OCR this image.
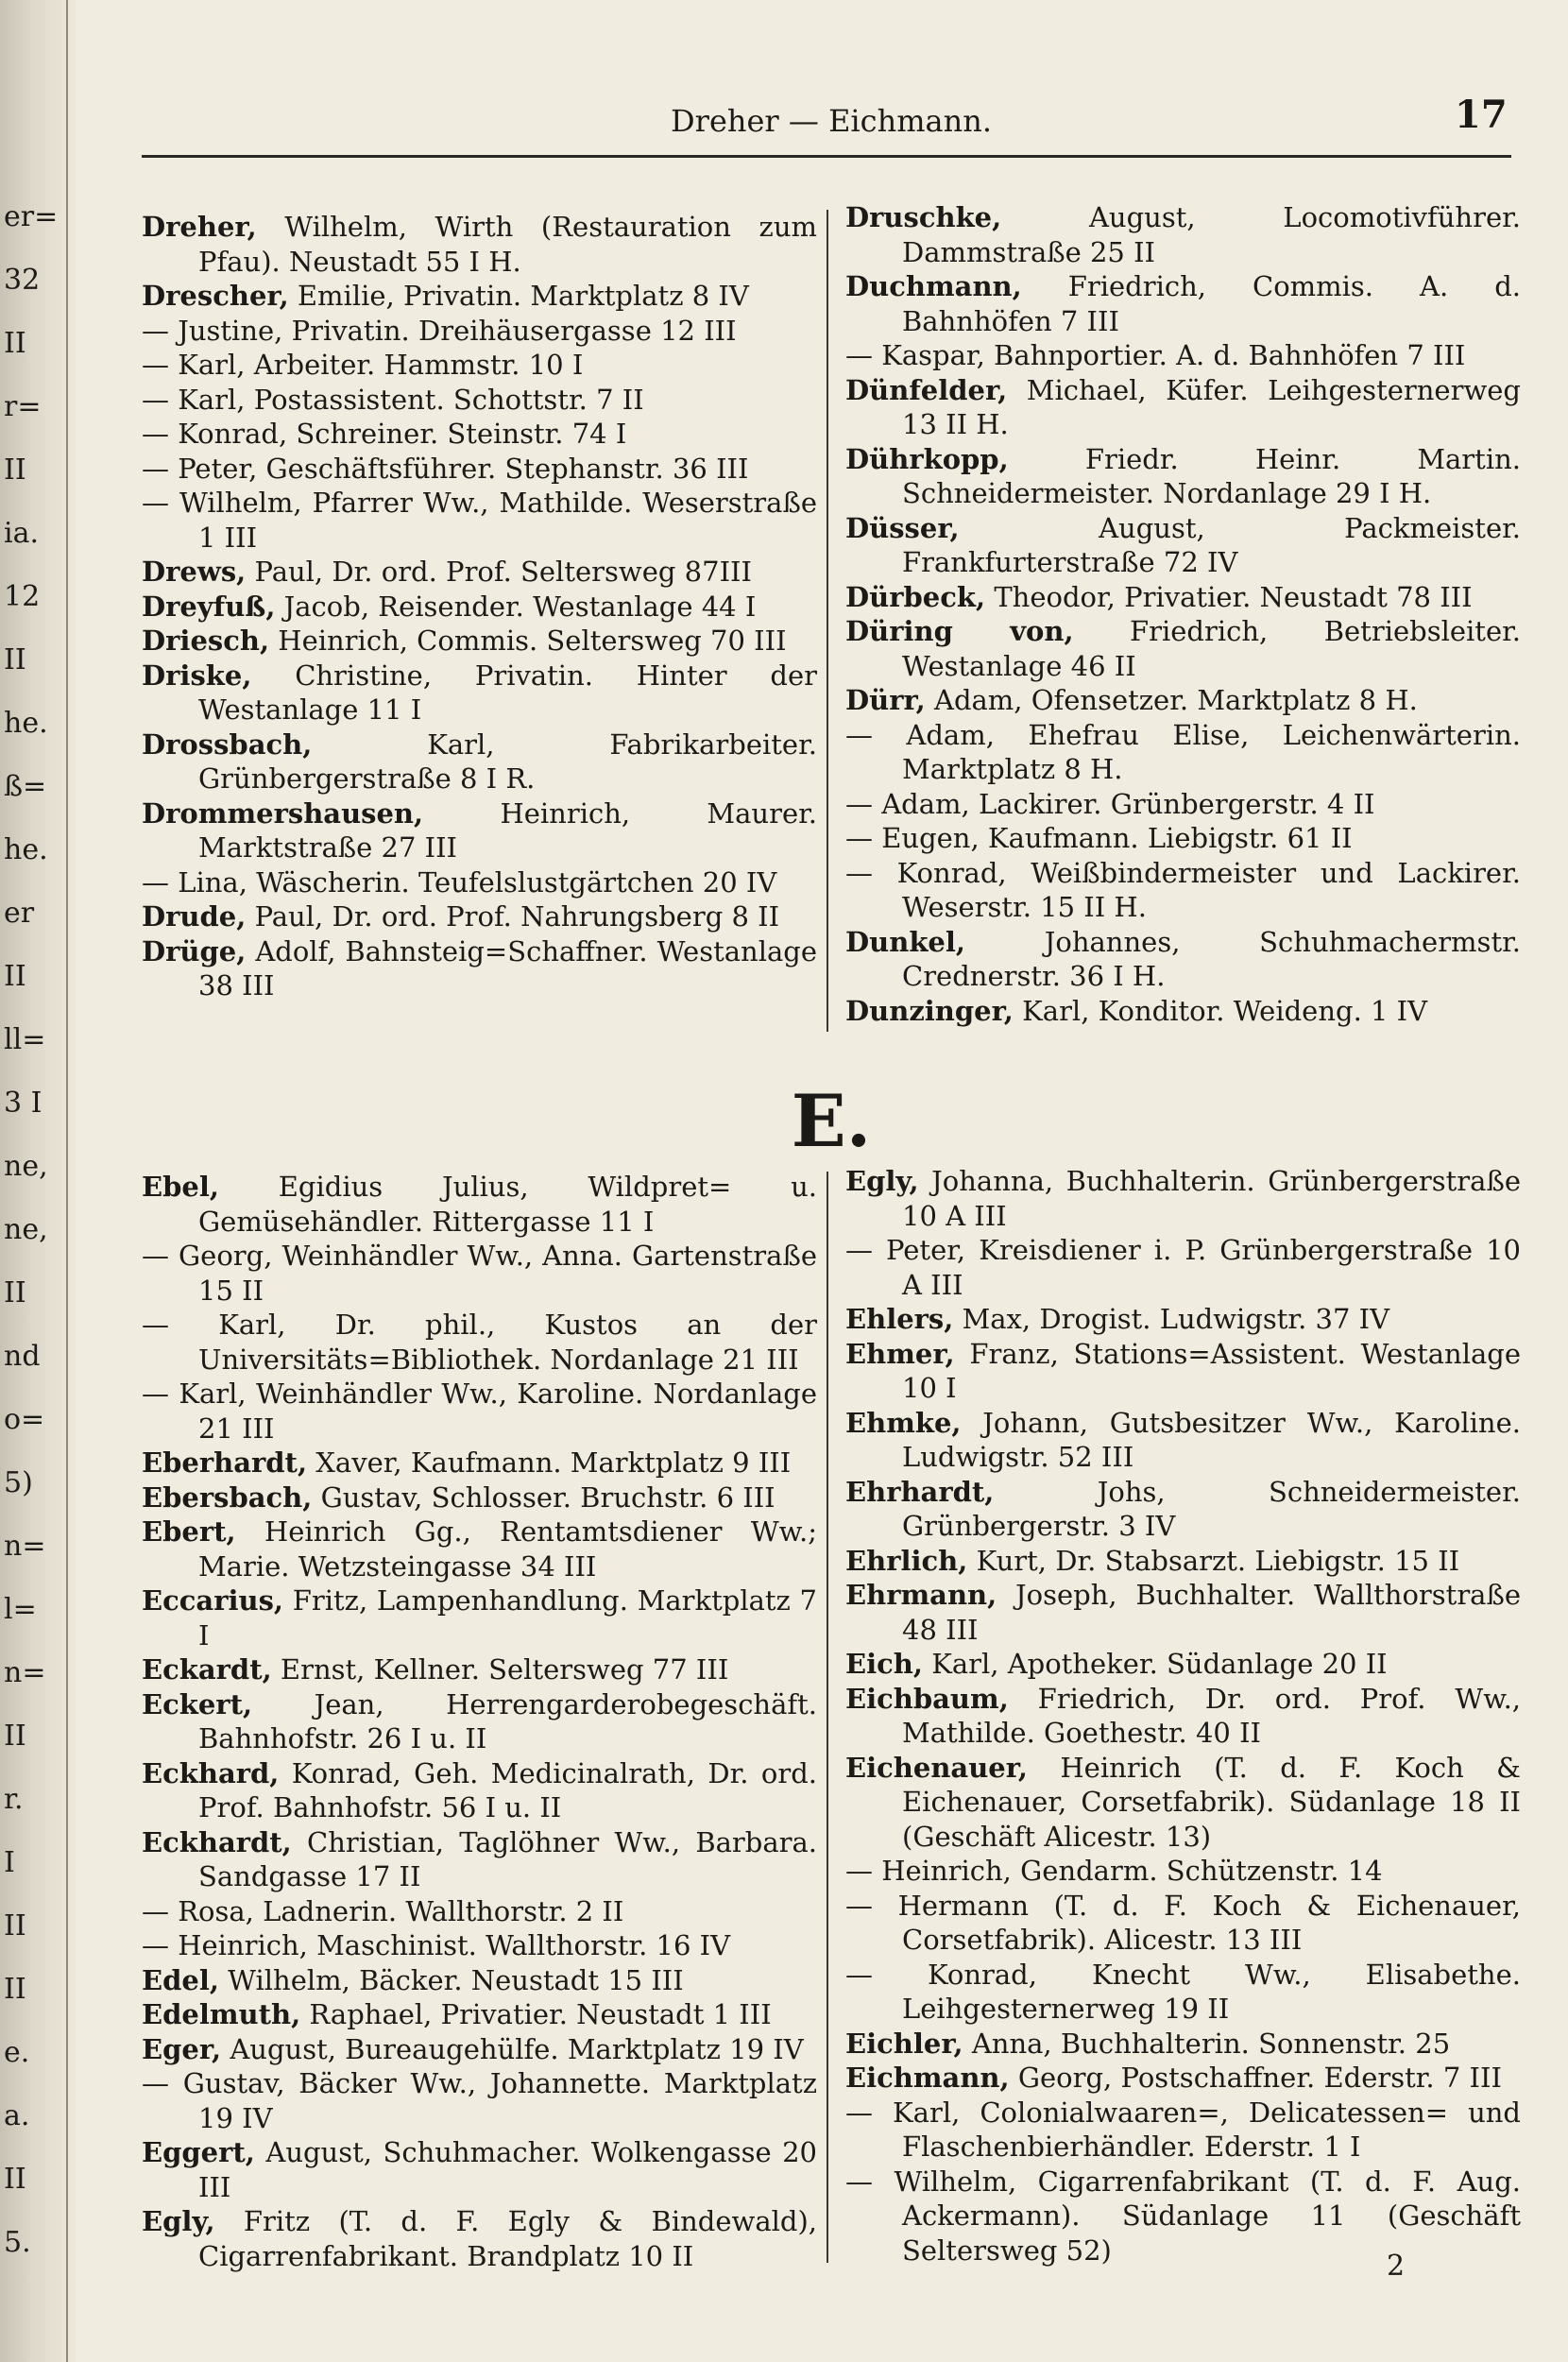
er=
32
II
r=
II
ia.
12
II
he.
ß=
he.
er
II
ll=
3 I
ne,
ne,
II
nd
o=
5)
n=
l=
n=
II
r.
I
II
II
e.
a.
II
5.
Dreher — Eichmann.	17
Dreher, Wilhelm, Wirth (Restauration zum Pfau). Neustadt 55 I H.
Drescher, Emilie, Privatin. Marktplatz 8 IV
— Justine, Privatin. Dreihäusergasse 12 III
— Karl, Arbeiter. Hammstr. 10 I
— Karl, Postassistent. Schottstr. 7 II
— Konrad, Schreiner. Steinstr. 74 I
— Peter, Geschäftsführer. Stephanstr. 36 III
— Wilhelm, Pfarrer Ww., Mathilde. Weserstraße 1 III
Drews, Paul, Dr. ord. Prof. Seltersweg 87III
Dreyfuß, Jacob, Reisender. Westanlage 44 I
Driesch, Heinrich, Commis. Seltersweg 70 III
Driske, Christine, Privatin. Hinter der Westanlage 11 I
Drossbach,	Karl, Fabrikarbeiter. Grünbergerstraße 8 I R.
Drommershausen,	Heinrich, Maurer. Marktstraße 27 III
— Lina, Wäscherin. Teufelslustgärtchen 20 IV
Drude, Paul, Dr. ord. Prof. Nahrungsberg 8 II
Drüge, Adolf, Bahnsteig=Schaffner. Westanlage 38 III
Druschke,	August, Locomotivführer. Dammstraße 25 II
Duchmann, Friedrich, Commis. A. d. Bahnhöfen 7 III
— Kaspar, Bahnportier. A. d. Bahnhöfen 7 III
Dünfelder, Michael, Küfer. Leihgesternerweg 13 II H.
Dührkopp,	Friedr. Heinr. Martin. Schneidermeister. Nordanlage 29 I H.
Düsser,	August, Packmeister. Frankfurterstraße 72 IV
Dürbeck, Theodor, Privatier. Neustadt 78 III
Düring von, Friedrich, Betriebsleiter. Westanlage 46 II
Dürr, Adam, Ofensetzer. Marktplatz 8 H.
— Adam, Ehefrau Elise, Leichenwärterin. Marktplatz 8 H.
— Adam, Lackirer. Grünbergerstr. 4 II
— Eugen, Kaufmann. Liebigstr. 61 II
— Konrad, Weißbindermeister und Lackirer. Weserstr. 15 II H.
Dunkel,	Johannes, Schuhmachermstr. Crednerstr. 36 I H.
Dunzinger, Karl, Konditor. Weideng. 1 IV
E.
Ebel, Egidius Julius, Wildpret= u. Gemüsehändler. Rittergasse 11 I
— Georg, Weinhändler Ww., Anna. Gartenstraße 15 II
— Karl, Dr. phil., Kustos an der Universitäts=Bibliothek. Nordanlage 21 III
— Karl, Weinhändler Ww., Karoline. Nordanlage 21 III
Eberhardt, Xaver, Kaufmann. Marktplatz 9 III
Ebersbach, Gustav, Schlosser. Bruchstr. 6 III
Ebert, Heinrich Gg., Rentamtsdiener Ww.; Marie. Wetzsteingasse 34 III
Eccarius, Fritz, Lampenhandlung. Marktplatz 7 I
Eckardt, Ernst, Kellner. Seltersweg 77 III
Eckert, Jean, Herrengarderobegeschäft. Bahnhofstr. 26 I u. II
Eckhard, Konrad, Geh. Medicinalrath, Dr. ord. Prof. Bahnhofstr. 56 I u. II
Eckhardt, Christian, Taglöhner Ww., Barbara. Sandgasse 17 II
— Rosa, Ladnerin. Wallthorstr. 2 II
— Heinrich, Maschinist. Wallthorstr. 16 IV
Edel, Wilhelm, Bäcker. Neustadt 15 III
Edelmuth, Raphael, Privatier. Neustadt 1 III
Eger, August, Bureaugehülfe. Marktplatz 19 IV
— Gustav, Bäcker Ww., Johannette. Marktplatz 19 IV
Eggert, August, Schuhmacher. Wolkengasse 20 III
Egly, Fritz (T. d. F. Egly & Bindewald), Cigarrenfabrikant. Brandplatz 10 II
Egly, Johanna, Buchhalterin. Grünbergerstraße 10 A III
— Peter, Kreisdiener i. P. Grünbergerstraße 10 A III
Ehlers, Max, Drogist. Ludwigstr. 37 IV
Ehmer, Franz, Stations=Assistent. Westanlage 10 I
Ehmke, Johann, Gutsbesitzer Ww., Karoline. Ludwigstr. 52 III
Ehrhardt,	Johs, Schneidermeister. Grünbergerstr. 3 IV
Ehrlich, Kurt, Dr. Stabsarzt. Liebigstr. 15 II
Ehrmann, Joseph, Buchhalter. Wallthorstraße 48 III
Eich, Karl, Apotheker. Südanlage 20 II
Eichbaum, Friedrich, Dr. ord. Prof. Ww., Mathilde. Goethestr. 40 II
Eichenauer, Heinrich (T. d. F. Koch & Eichenauer, Corsetfabrik). Südanlage 18 II (Geschäft Alicestr. 13)
— Heinrich, Gendarm. Schützenstr. 14
— Hermann (T. d. F. Koch & Eichenauer, Corsetfabrik). Alicestr. 13 III
— Konrad, Knecht Ww., Elisabethe. Leihgesternerweg 19 II
Eichler, Anna, Buchhalterin. Sonnenstr. 25
Eichmann, Georg, Postschaffner. Ederstr. 7 III
— Karl, Colonialwaaren=, Delicatessen= und Flaschenbierhändler. Ederstr. 1 I
— Wilhelm, Cigarrenfabrikant (T. d. F. Aug. Ackermann). Südanlage 11 (Geschäft Seltersweg 52)	2
